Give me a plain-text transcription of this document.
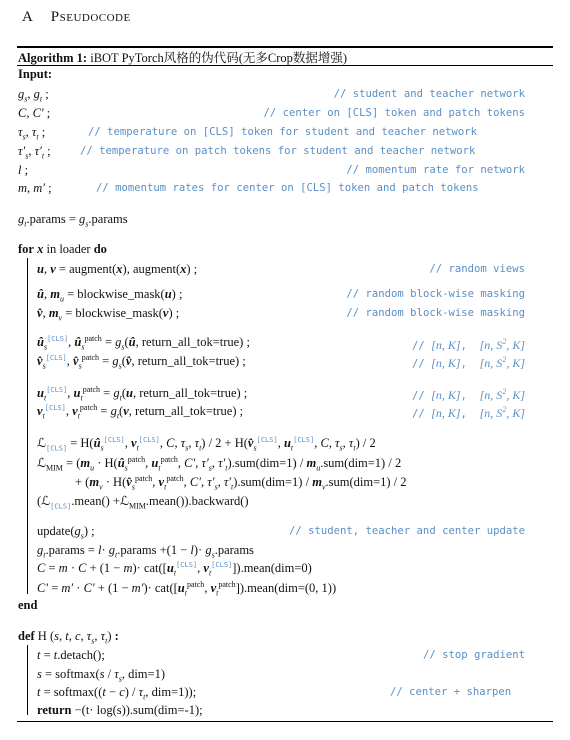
A Pseudocode
Algorithm 1: iBOT PyTorch风格的伪代码(无多Crop数据增强)
Input:
$g_s$, $g_t$ ;	// student and teacher network
C, C′ ;	// center on [CLS] token and patch tokens
$\tau_s$, $\tau_t$ ;	// temperature on [CLS] token for student and teacher network
$\tau'_s$, $\tau'_t$ ;	// temperature on patch tokens for student and teacher network
l ;	// momentum rate for network
m, m′ ;	// momentum rates for center on [CLS] token and patch tokens
$g_t.params$ = $g_s.params$
for x in loader do
u, v = augment(x), augment(x) ;	// random views
û, $m_u$ = blockwise_mask(u) ;	// random block-wise masking
v̂, $m_v$ = blockwise_mask(v) ;	// random block-wise masking
$û_s[CLS]$, $û_s^{patch}$ = $g_s(û$, return_all_tok=true) ;	// [n, K],  [n, $S^2$, K]
$v̂_s[CLS]$, $v̂_s^{patch}$ = $g_s(v̂$, return_all_tok=true) ;	// [n, K],  [n, $S^2$, K]
$u_t[CLS]$, $u_t^{patch} = g_t(u$, return_all_tok=true) ;	// [n, K],  [n, $S^2$, K]
$v_t[CLS]$, $v_t^{patch} = g_t(v$, return_all_tok=true) ;	// [n, K],  [n, $S^2$, K]
ℒ$_{[CLS]}$ = $H(û_s[CLS]$, $v_t[CLS]$, C, $\tau_s$, $\tau_t) / 2$ + $H(v̂_s[CLS]$, $u_t[CLS]$, C, $\tau_s$, $\tau_t) / 2$
ℒ$_{MIM}$ = ($m_u$ · $H(û_s^{patch}$, $u_t^{patch}$, C′, $\tau'_s$, $\tau'_t).sum(dim=1) / m_u.sum(dim=1) / 2$
+ ($m_v$ · $H(v̂_s^{patch}$, $v_t^{patch}$, C′, $\tau'_s$, $\tau'_t).sum(dim=1) / m_v.sum(dim=1) / 2$
(ℒ$_{[CLS]}$.mean() +ℒ$_{MIM}$.mean()).backward()
$update(g_s)$ ;	// student, teacher and center update
$g_t.params = l\cdot$ $g_t.params +(1 - l)\cdot$ $g_s.params$
$C = m \cdot C + (1 - m)\cdot cat([u_t[CLS]$, $v_t[CLS]]).mean(dim=0)$
$C' = m' \cdot C' + (1 - m')\cdot cat([u_t^{patch}$, $v_t^{patch}]).mean(dim=(0$, 1))
end
def H (s, t, c, $\tau_s$, $\tau_t$) :
t = t.detach();	// stop gradient
s = softmax(s / $\tau_s$, dim=1)
t = softmax((t − $c) / \tau_t$, dim=1));	// center + sharpen
return −(t· log(s)).sum(dim=-1);
